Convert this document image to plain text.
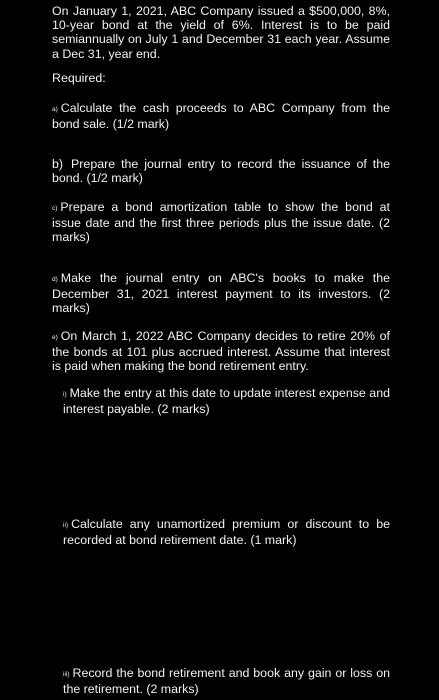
On January 1, 2021, ABC Company issued a $500,000, 8%, 10-year bond at the yield of 6%. Interest is to be paid semiannually on July 1 and December 31 each year. Assume a Dec 31, year end.

Required:

a) Calculate the cash proceeds to ABC Company from the bond sale. (1/2 mark)
b) Prepare the journal entry to record the issuance of the bond. (1/2 mark)
c) Prepare a bond amortization table to show the bond at issue date and the first three periods plus the issue date. (2 marks)
d) Make the journal entry on ABC's books to make the December 31, 2021 interest payment to its investors. (2 marks)
e) On March 1, 2022 ABC Company decides to retire 20% of the bonds at 101 plus accrued interest. Assume that interest is paid when making the bond retirement entry.
i) Make the entry at this date to update interest expense and interest payable. (2 marks)
ii) Calculate any unamortized premium or discount to be recorded at bond retirement date. (1 mark)
iii) Record the bond retirement and book any gain or loss on the retirement. (2 marks)
